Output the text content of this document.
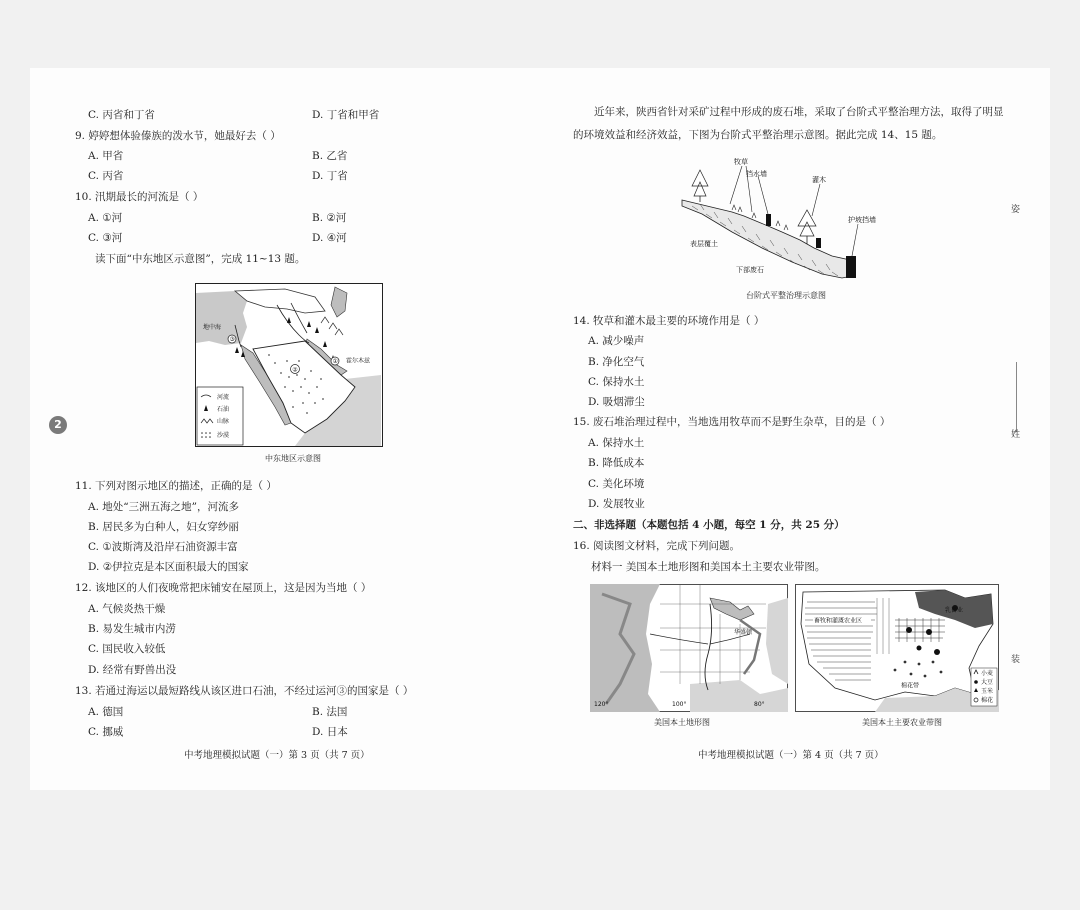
C. 丙省和丁省	D. 丁省和甲省
9. 婷婷想体验傣族的泼水节，她最好去（ ）
A. 甲省	B. 乙省
C. 丙省	D. 丁省
10. 汛期最长的河流是（ ）
A. ①河	B. ②河
C. ③河	D. ④河
读下面“中东地区示意图”，完成 11~13 题。
霍尔木兹
地中海
③
②
①
河流
石油
山脉
沙漠
中东地区示意图
2
11. 下列对图示地区的描述，正确的是（ ）
A. 地处“三洲五海之地”，河流多
B. 居民多为白种人，妇女穿纱丽
C. ①波斯湾及沿岸石油资源丰富
D. ②伊拉克是本区面积最大的国家
12. 该地区的人们夜晚常把床铺安在屋顶上，这是因为当地（ ）
A. 气候炎热干燥
B. 易发生城市内涝
C. 国民收入较低
D. 经常有野兽出没
13. 若通过海运以最短路线从该区进口石油，不经过运河③的国家是（ ）
A. 德国	B. 法国
C. 挪威	D. 日本
中考地理模拟试题（一）第 3 页（共 7 页）
近年来，陕西省针对采矿过程中形成的废石堆，采取了台阶式平整治理方法，取得了明显
的环境效益和经济效益，下图为台阶式平整治理示意图。据此完成 14、15 题。
牧草
挡水墙
灌木
护坡挡墙
表层覆土
下部废石
台阶式平整治理示意图
14. 牧草和灌木最主要的环境作用是（ ）
A. 减少噪声
B. 净化空气
C. 保持水土
D. 吸烟滞尘
15. 废石堆治理过程中，当地选用牧草而不是野生杂草，目的是（ ）
A. 保持水土
B. 降低成本
C. 美化环境
D. 发展牧业
二、非选择题（本题包括 4 小题，每空 1 分，共 25 分）
16. 阅读图文材料，完成下列问题。
材料一 美国本土地形图和美国本土主要农业带图。
华盛顿
100°	80°
120°
美国本土地形图
畜牧和灌溉农业区
乳畜业
棉花带
小麦
大豆
玉米
棉花
美国本土主要农业带图
中考地理模拟试题（一）第 4 页（共 7 页）
姿
姓
装
